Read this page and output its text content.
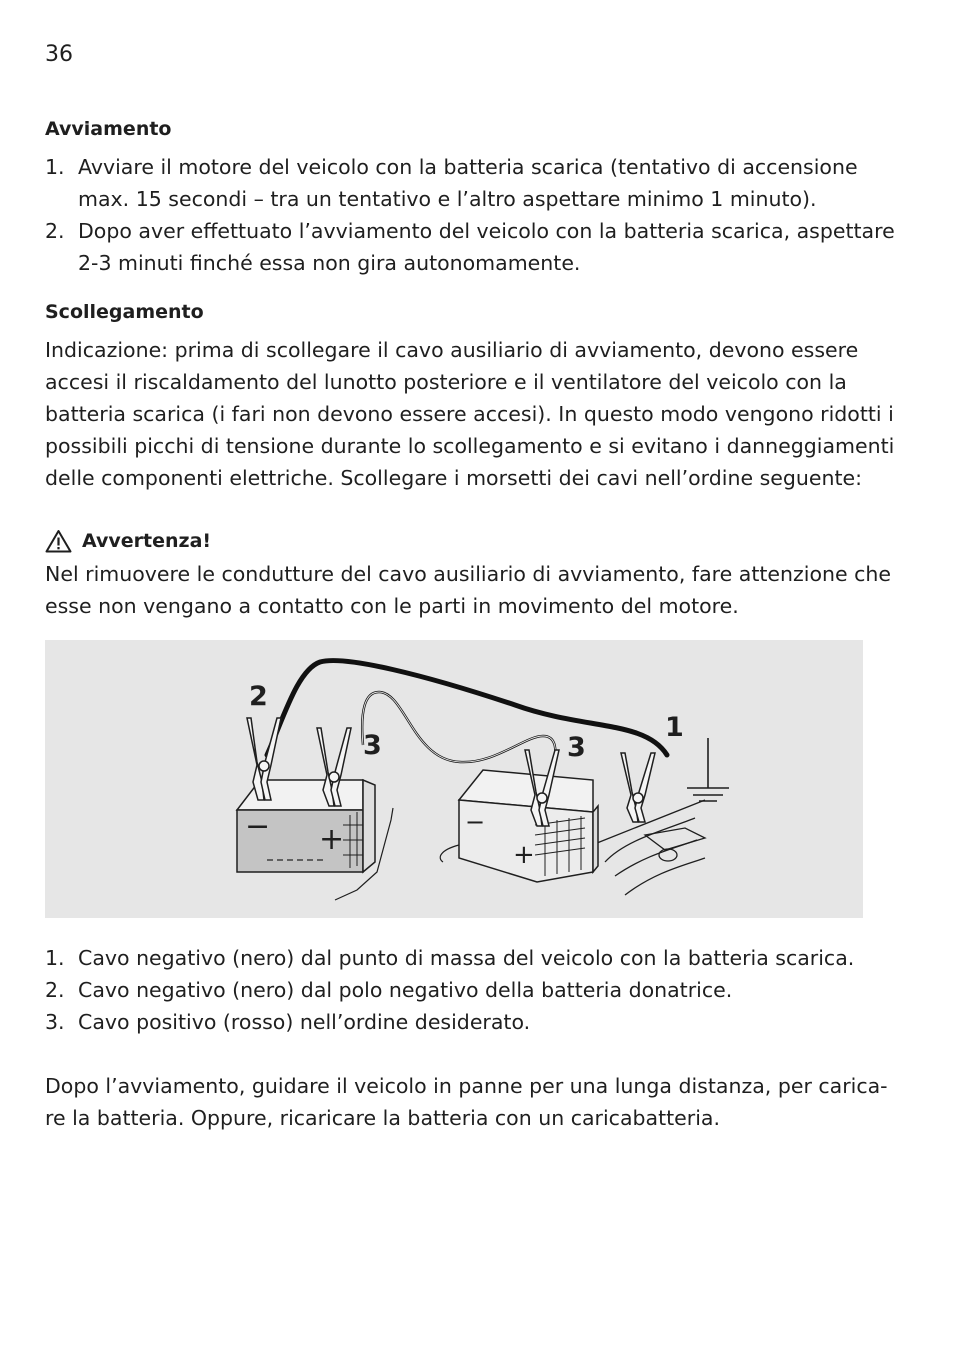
36
Avviamento
1. Avviare il motore del veicolo con la batteria scarica (tentativo di accensione
max. 15 secondi – tra un tentativo e l’altro aspettare minimo 1 minuto).
2. Dopo aver effettuato l’avviamento del veicolo con la batteria scarica, aspettare
2-3 minuti finché essa non gira autonomamente.
Scollegamento
Indicazione: prima di scollegare il cavo ausiliario di avviamento, devono essere
accesi il riscaldamento del lunotto posteriore e il ventilatore del veicolo con la
batteria scarica (i fari non devono essere accesi). In questo modo vengono ridotti i
possibili picchi di tensione durante lo scollegamento e si evitano i danneggiamenti
delle componenti elettriche. Scollegare i morsetti dei cavi nell’ordine seguente:
Avvertenza!
Nel rimuovere le condutture del cavo ausiliario di avviamento, fare attenzione che
esse non vengano a contatto con le parti in movimento del motore.
− +	−
+
2
3	3
1
1. Cavo negativo (nero) dal punto di massa del veicolo con la batteria scarica.
2. Cavo negativo (nero) dal polo negativo della batteria donatrice.
3. Cavo positivo (rosso) nell’ordine desiderato.
Dopo l’avviamento, guidare il veicolo in panne per una lunga distanza, per carica-
re la batteria. Oppure, ricaricare la batteria con un caricabatteria.
